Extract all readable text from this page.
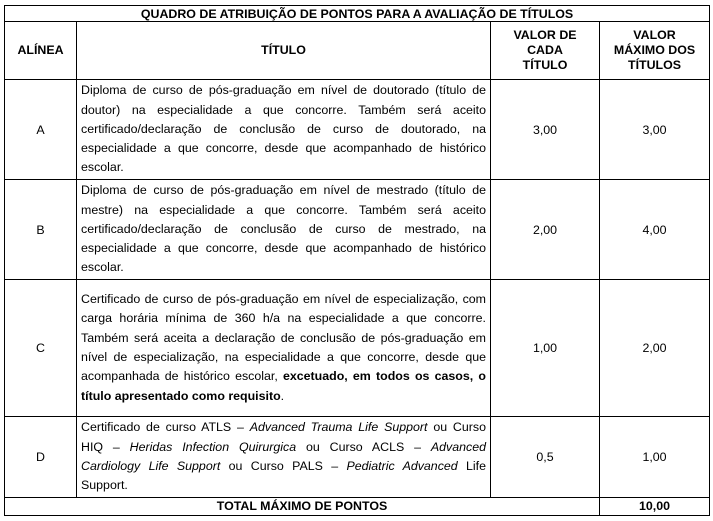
QUADRO DE ATRIBUIÇÃO DE PONTOS PARA A AVALIAÇÃO DE TÍTULOS			
ALÍNEA	TÍTULO	VALOR DE CADA TÍTULO	VALOR MÁXIMO DOS TÍTULOS
A	Diploma de curso de pós-graduação em nível de doutorado (título de doutor) na especialidade a que concorre. Também será aceito certificado/declaração de conclusão de curso de doutorado, na especialidade a que concorre, desde que acompanhado de histórico escolar.	3,00	3,00
B	Diploma de curso de pós-graduação em nível de mestrado (título de mestre) na especialidade a que concorre. Também será aceito certificado/declaração de conclusão de curso de mestrado, na especialidade a que concorre, desde que acompanhado de histórico escolar.	2,00	4,00
C	Certificado de curso de pós-graduação em nível de especialização, com carga horária mínima de 360 h/a na especialidade a que concorre. Também será aceita a declaração de conclusão de pós-graduação em nível de especialização, na especialidade a que concorre, desde que acompanhada de histórico escolar, excetuado, em todos os casos, o título apresentado como requisito.	1,00	2,00
D	Certificado de curso ATLS – Advanced Trauma Life Support ou Curso HIQ – Heridas Infection Quirurgica ou Curso ACLS – Advanced Cardiology Life Support ou Curso PALS – Pediatric Advanced Life Support.	0,5	1,00
TOTAL MÁXIMO DE PONTOS			10,00
